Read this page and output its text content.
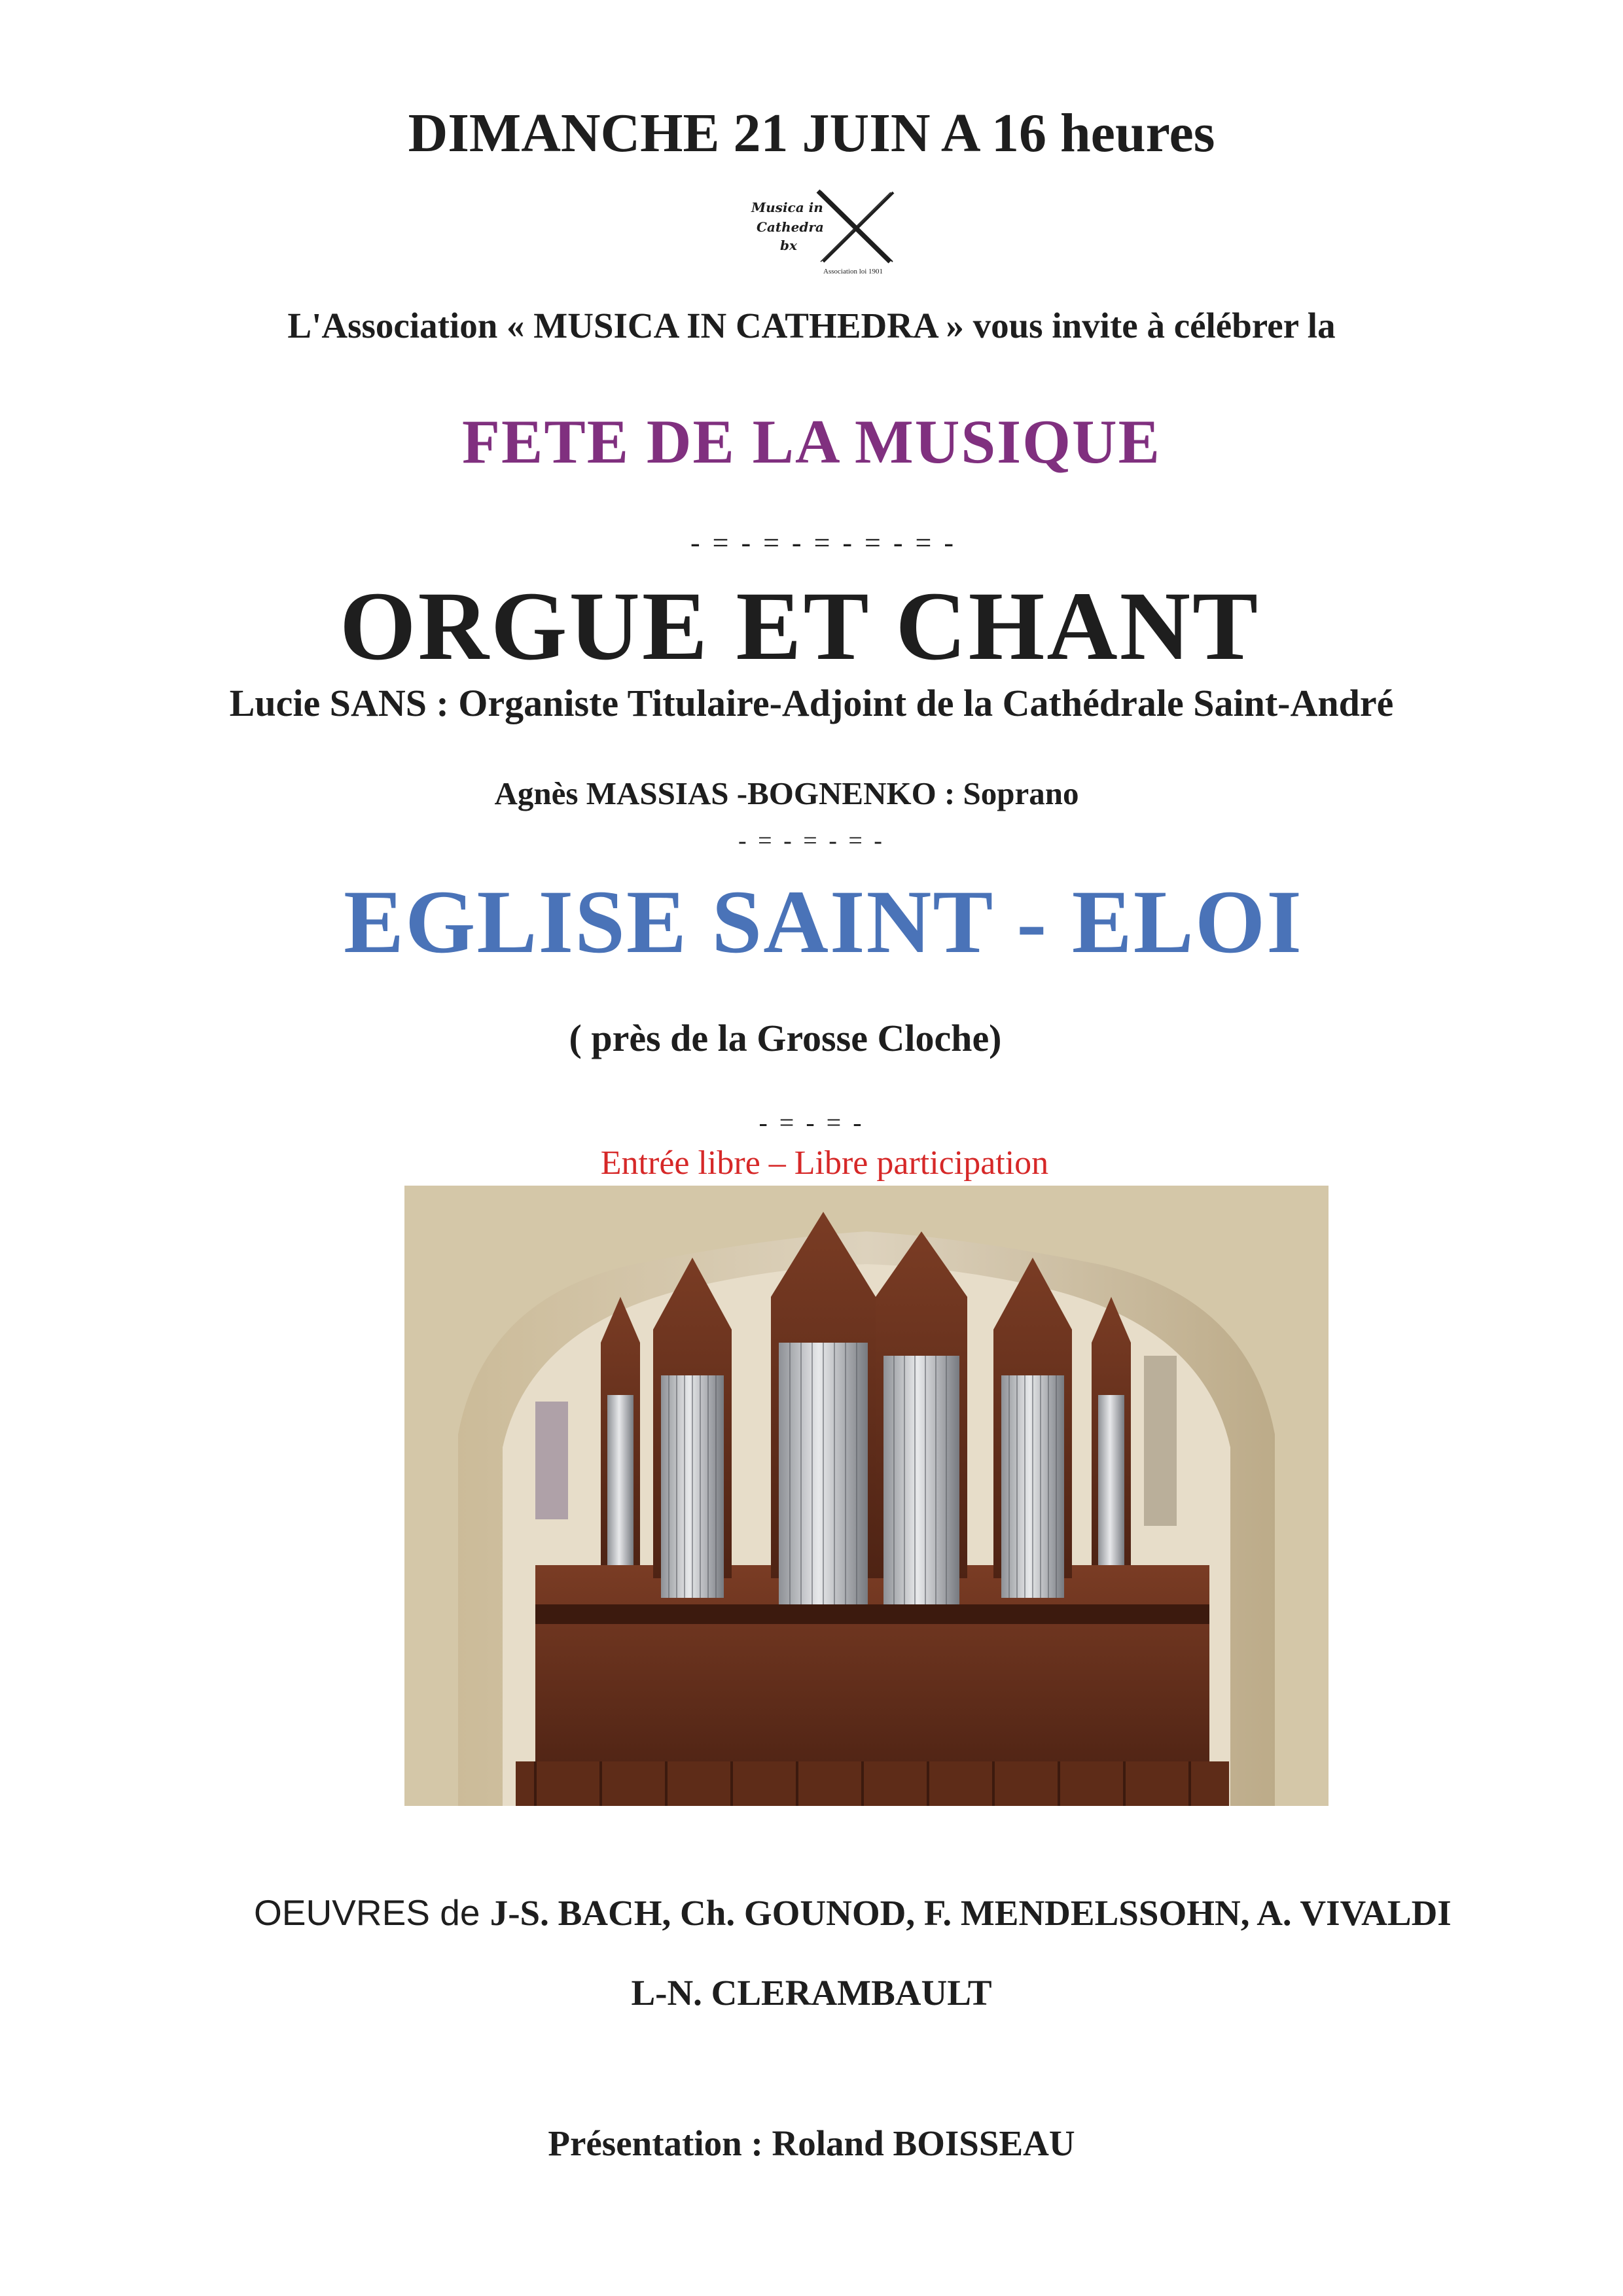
DIMANCHE 21 JUIN A 16 heures
Musica in
Cathedra
bx
Association loi 1901
L'Association « MUSICA IN CATHEDRA » vous invite à célébrer la
FETE DE LA MUSIQUE
- = - = - = - = - = -
ORGUE ET CHANT
Lucie SANS : Organiste Titulaire-Adjoint de la Cathédrale Saint-André
Agnès MASSIAS -BOGNENKO : Soprano
- = - = - = -
EGLISE SAINT - ELOI
( près de la Grosse Cloche)
- = - = -
Entrée libre – Libre participation
OEUVRES de J-S. BACH, Ch. GOUNOD, F. MENDELSSOHN, A. VIVALDI
L-N. CLERAMBAULT
Présentation : Roland BOISSEAU
